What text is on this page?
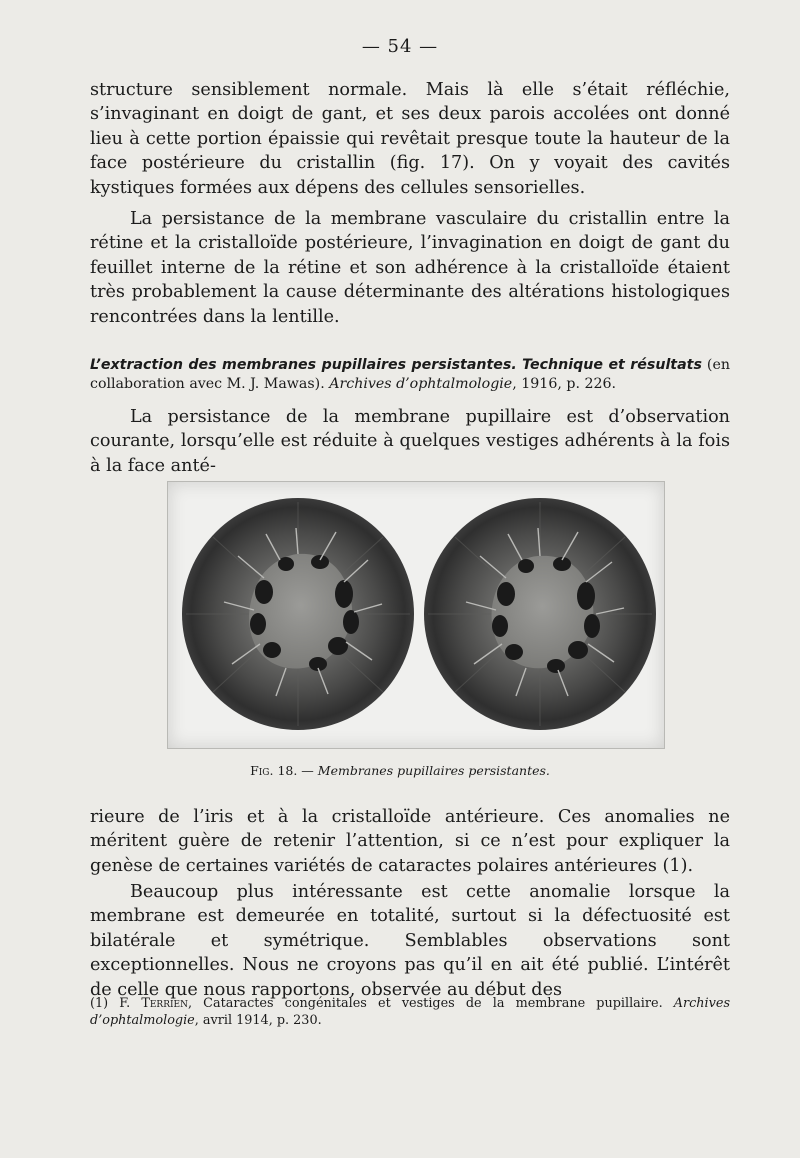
— 54 —

structure sensiblement normale. Mais là elle s’était réfléchie, s’invaginant en doigt de gant, et ses deux parois accolées ont donné lieu à cette portion épaissie qui revêtait presque toute la hauteur de la face postérieure du cristallin (fig. 17). On y voyait des cavités kystiques formées aux dépens des cellules sensorielles.

La persistance de la membrane vasculaire du cristallin entre la rétine et la cristalloïde postérieure, l’invagination en doigt de gant du feuillet interne de la rétine et son adhérence à la cristalloïde étaient très probablement la cause déterminante des altérations histologiques rencontrées dans la lentille.

L’extraction des membranes pupillaires persistantes. Technique et résultats (en collaboration avec M. J. Mawas). Archives d’ophtalmologie, 1916, p. 226.

La persistance de la membrane pupillaire est d’observation courante, lorsqu’elle est réduite à quelques vestiges adhérents à la fois à la face anté-

Fig. 18. — Membranes pupillaires persistantes.

rieure de l’iris et à la cristalloïde antérieure. Ces anomalies ne méritent guère de retenir l’attention, si ce n’est pour expliquer la genèse de certaines variétés de cataractes polaires antérieures (1).

Beaucoup plus intéressante est cette anomalie lorsque la membrane est demeurée en totalité, surtout si la défectuosité est bilatérale et symétrique. Semblables observations sont exceptionnelles. Nous ne croyons pas qu’il en ait été publié. L’intérêt de celle que nous rapportons, observée au début des

(1) F. Terrien, Cataractes congénitales et vestiges de la membrane pupillaire. Archives d’ophtalmologie, avril 1914, p. 230.
